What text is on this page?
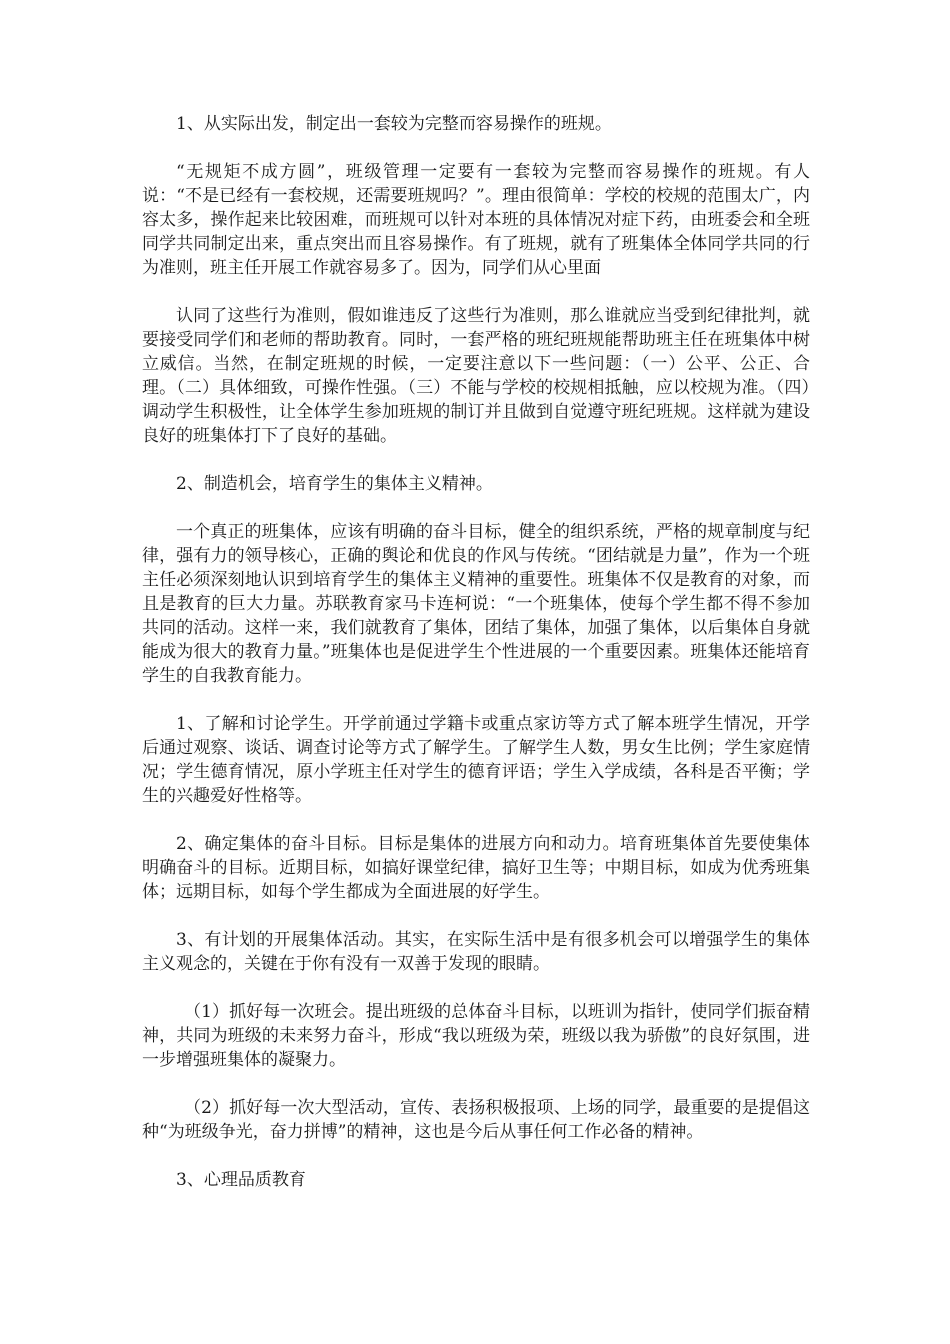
1、从实际出发，制定出一套较为完整而容易操作的班规。

“无规矩不成方圆”，班级管理一定要有一套较为完整而容易操作的班规。有人说：“不是已经有一套校规，还需要班规吗？”。理由很简单：学校的校规的范围太广，内容太多，操作起来比较困难，而班规可以针对本班的具体情况对症下药，由班委会和全班同学共同制定出来，重点突出而且容易操作。有了班规，就有了班集体全体同学共同的行为准则，班主任开展工作就容易多了。因为，同学们从心里面

认同了这些行为准则，假如谁违反了这些行为准则，那么谁就应当受到纪律批判，就要接受同学们和老师的帮助教育。同时，一套严格的班纪班规能帮助班主任在班集体中树立威信。当然，在制定班规的时候，一定要注意以下一些问题：（一）公平、公正、合理。（二）具体细致，可操作性强。（三）不能与学校的校规相抵触，应以校规为准。（四）调动学生积极性，让全体学生参加班规的制订并且做到自觉遵守班纪班规。这样就为建设良好的班集体打下了良好的基础。

2、制造机会，培育学生的集体主义精神。

一个真正的班集体，应该有明确的奋斗目标，健全的组织系统，严格的规章制度与纪律，强有力的领导核心，正确的舆论和优良的作风与传统。“团结就是力量”，作为一个班主任必须深刻地认识到培育学生的集体主义精神的重要性。班集体不仅是教育的对象，而且是教育的巨大力量。苏联教育家马卡连柯说：“一个班集体，使每个学生都不得不参加共同的活动。这样一来，我们就教育了集体，团结了集体，加强了集体，以后集体自身就能成为很大的教育力量。”班集体也是促进学生个性进展的一个重要因素。班集体还能培育学生的自我教育能力。

1、了解和讨论学生。开学前通过学籍卡或重点家访等方式了解本班学生情况，开学后通过观察、谈话、调查讨论等方式了解学生。了解学生人数，男女生比例；学生家庭情况；学生德育情况，原小学班主任对学生的德育评语；学生入学成绩，各科是否平衡；学生的兴趣爱好性格等。

2、确定集体的奋斗目标。目标是集体的进展方向和动力。培育班集体首先要使集体明确奋斗的目标。近期目标，如搞好课堂纪律，搞好卫生等；中期目标，如成为优秀班集体；远期目标，如每个学生都成为全面进展的好学生。

3、有计划的开展集体活动。其实，在实际生活中是有很多机会可以增强学生的集体主义观念的，关键在于你有没有一双善于发现的眼睛。

（1）抓好每一次班会。提出班级的总体奋斗目标，以班训为指针，使同学们振奋精神，共同为班级的未来努力奋斗，形成“我以班级为荣，班级以我为骄傲”的良好氛围，进一步增强班集体的凝聚力。

（2）抓好每一次大型活动，宣传、表扬积极报项、上场的同学，最重要的是提倡这种“为班级争光，奋力拼博”的精神，这也是今后从事任何工作必备的精神。

3、心理品质教育
